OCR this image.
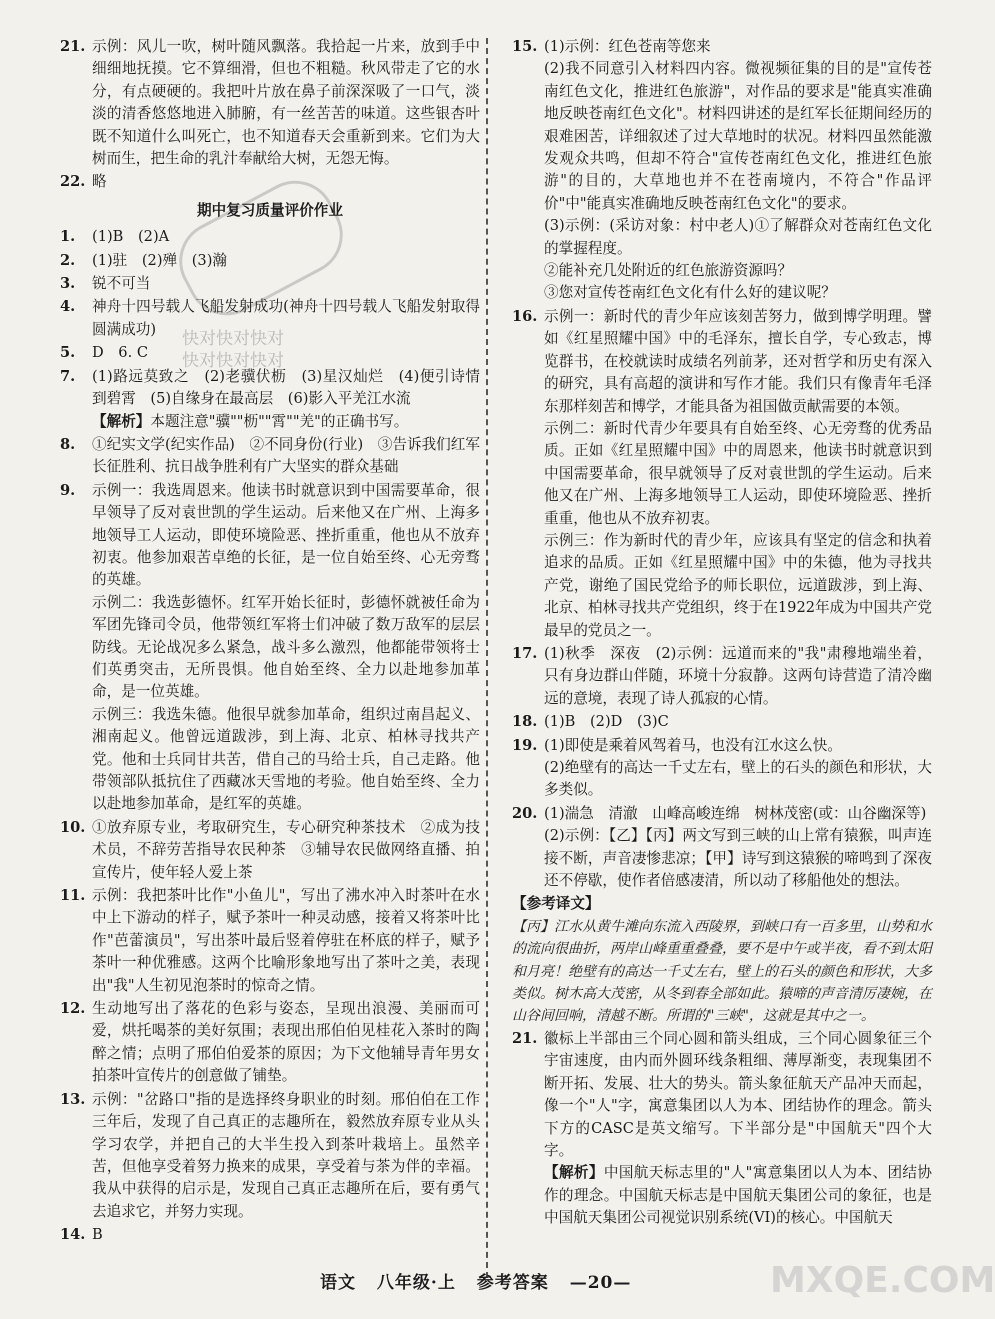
快对快对快对
快对快对快对
21. 示例：风儿一吹，树叶随风飘落。我拾起一片来，放到手中细细地抚摸。它不算细滑，但也不粗糙。秋风带走了它的水分，有点硬硬的。我把叶片放在鼻子前深深吸了一口气，淡淡的清香悠悠地进入肺腑，有一丝苦苦的味道。这些银杏叶既不知道什么叫死亡，也不知道春天会重新到来。它们为大树而生，把生命的乳汁奉献给大树，无怨无悔。

22. 略

期中复习质量评价作业
1.	(1)B　(2)A

2.	(1)驻　(2)殚　(3)瀚

3.	锐不可当

4.	神舟十四号载人飞船发射成功(神舟十四号载人飞船发射取得圆满成功)

5.	D　6. C

7.	(1)路远莫致之　(2)老骥伏枥　(3)星汉灿烂　(4)便引诗情到碧霄　(5)自缘身在最高层　(6)影入平羌江水流

【解析】本题注意"骥""枥""霄""羌"的正确书写。

8.	①纪实文学(纪实作品)　②不同身份(行业)　③告诉我们红军长征胜利、抗日战争胜利有广大坚实的群众基础

9.	示例一：我选周恩来。他读书时就意识到中国需要革命，很早领导了反对袁世凯的学生运动。后来他又在广州、上海多地领导工人运动，即使环境险恶、挫折重重，他也从不放弃初衷。他参加艰苦卓绝的长征，是一位自始至终、心无旁骛的英雄。

示例二：我选彭德怀。红军开始长征时，彭德怀就被任命为军团先锋司令员，他带领红军将士们冲破了数万敌军的层层防线。无论战况多么紧急，战斗多么激烈，他都能带领将士们英勇突击，无所畏惧。他自始至终、全力以赴地参加革命，是一位英雄。

示例三：我选朱德。他很早就参加革命，组织过南昌起义、湘南起义。他曾远道跋涉，到上海、北京、柏林寻找共产党。他和士兵同甘共苦，借自己的马给士兵，自己走路。他带领部队抵抗住了西藏冰天雪地的考验。他自始至终、全力以赴地参加革命，是红军的英雄。

10. ①放弃原专业，考取研究生，专心研究种茶技术　②成为技术员，不辞劳苦指导农民种茶　③辅导农民做网络直播、拍宣传片，使年轻人爱上茶

11. 示例：我把茶叶比作"小鱼儿"，写出了沸水冲入时茶叶在水中上下游动的样子，赋予茶叶一种灵动感，接着又将茶叶比作"芭蕾演员"，写出茶叶最后竖着停驻在杯底的样子，赋予茶叶一种优雅感。这两个比喻形象地写出了茶叶之美，表现出"我"人生初见泡茶时的惊奇之情。

12. 生动地写出了落花的色彩与姿态，呈现出浪漫、美丽而可爱，烘托喝茶的美好氛围；表现出邢伯伯见桂花入茶时的陶醉之情；点明了邢伯伯爱茶的原因；为下文他辅导青年男女拍茶叶宣传片的创意做了铺垫。

13. 示例："岔路口"指的是选择终身职业的时刻。邢伯伯在工作三年后，发现了自己真正的志趣所在，毅然放弃原专业从头学习农学，并把自己的大半生投入到茶叶栽培上。虽然辛苦，但他享受着努力换来的成果，享受着与茶为伴的幸福。我从中获得的启示是，发现自己真正志趣所在后，要有勇气去追求它，并努力实现。

14. B

15. (1)示例：红色苍南等您来

(2)我不同意引入材料四内容。微视频征集的目的是"宣传苍南红色文化，推进红色旅游"，对作品的要求是"能真实准确地反映苍南红色文化"。材料四讲述的是红军长征期间经历的艰难困苦，详细叙述了过大草地时的状况。材料四虽然能激发观众共鸣，但却不符合"宣传苍南红色文化，推进红色旅游"的目的，大草地也并不在苍南境内，不符合"作品评价"中"能真实准确地反映苍南红色文化"的要求。

(3)示例：(采访对象：村中老人)①了解群众对苍南红色文化的掌握程度。

②能补充几处附近的红色旅游资源吗？

③您对宣传苍南红色文化有什么好的建议呢？

16. 示例一：新时代的青少年应该刻苦努力，做到博学明理。譬如《红星照耀中国》中的毛泽东，擅长自学，专心致志，博览群书，在校就读时成绩名列前茅，还对哲学和历史有深入的研究，具有高超的演讲和写作才能。我们只有像青年毛泽东那样刻苦和博学，才能具备为祖国做贡献需要的本领。

示例二：新时代青少年要具有自始至终、心无旁骛的优秀品质。正如《红星照耀中国》中的周恩来，他读书时就意识到中国需要革命，很早就领导了反对袁世凯的学生运动。后来他又在广州、上海多地领导工人运动，即使环境险恶、挫折重重，他也从不放弃初衷。

示例三：作为新时代的青少年，应该具有坚定的信念和执着追求的品质。正如《红星照耀中国》中的朱德，他为寻找共产党，谢绝了国民党给予的师长职位，远道跋涉，到上海、北京、柏林寻找共产党组织，终于在1922年成为中国共产党最早的党员之一。

17. (1)秋季　深夜　(2)示例：远道而来的"我"肃穆地端坐着，只有身边群山伴随，环境十分寂静。这两句诗营造了清冷幽远的意境，表现了诗人孤寂的心情。

18. (1)B　(2)D　(3)C

19. (1)即使是乘着风驾着马，也没有江水这么快。

(2)绝壁有的高达一千丈左右，壁上的石头的颜色和形状，大多类似。

20. (1)湍急　清澈　山峰高峻连绵　树林茂密(或：山谷幽深等)

(2)示例：【乙】【丙】两文写到三峡的山上常有猿猴，叫声连接不断，声音凄惨悲凉；【甲】诗写到这猿猴的啼鸣到了深夜还不停歇，使作者倍感凄清，所以动了移船他处的想法。

【参考译文】

【丙】江水从黄牛滩向东流入西陵界，到峡口有一百多里，山势和水的流向很曲折，两岸山峰重重叠叠，要不是中午或半夜，看不到太阳和月亮！绝壁有的高达一千丈左右，壁上的石头的颜色和形状，大多类似。树木高大茂密，从冬到春全部如此。猿啼的声音清厉凄婉，在山谷间回响，清越不断。所谓的"三峡"，这就是其中之一。

21. 徽标上半部由三个同心圆和箭头组成，三个同心圆象征三个宇宙速度，由内而外圆环线条粗细、薄厚渐变，表现集团不断开拓、发展、壮大的势头。箭头象征航天产品冲天而起，像一个"人"字，寓意集团以人为本、团结协作的理念。箭头下方的CASC是英文缩写。下半部分是"中国航天"四个大字。

【解析】中国航天标志里的"人"寓意集团以人为本、团结协作的理念。中国航天标志是中国航天集团公司的象征，也是中国航天集团公司视觉识别系统(VI)的核心。中国航天

语文 八年级·上 参考答案 —20—	MXQE.COM
